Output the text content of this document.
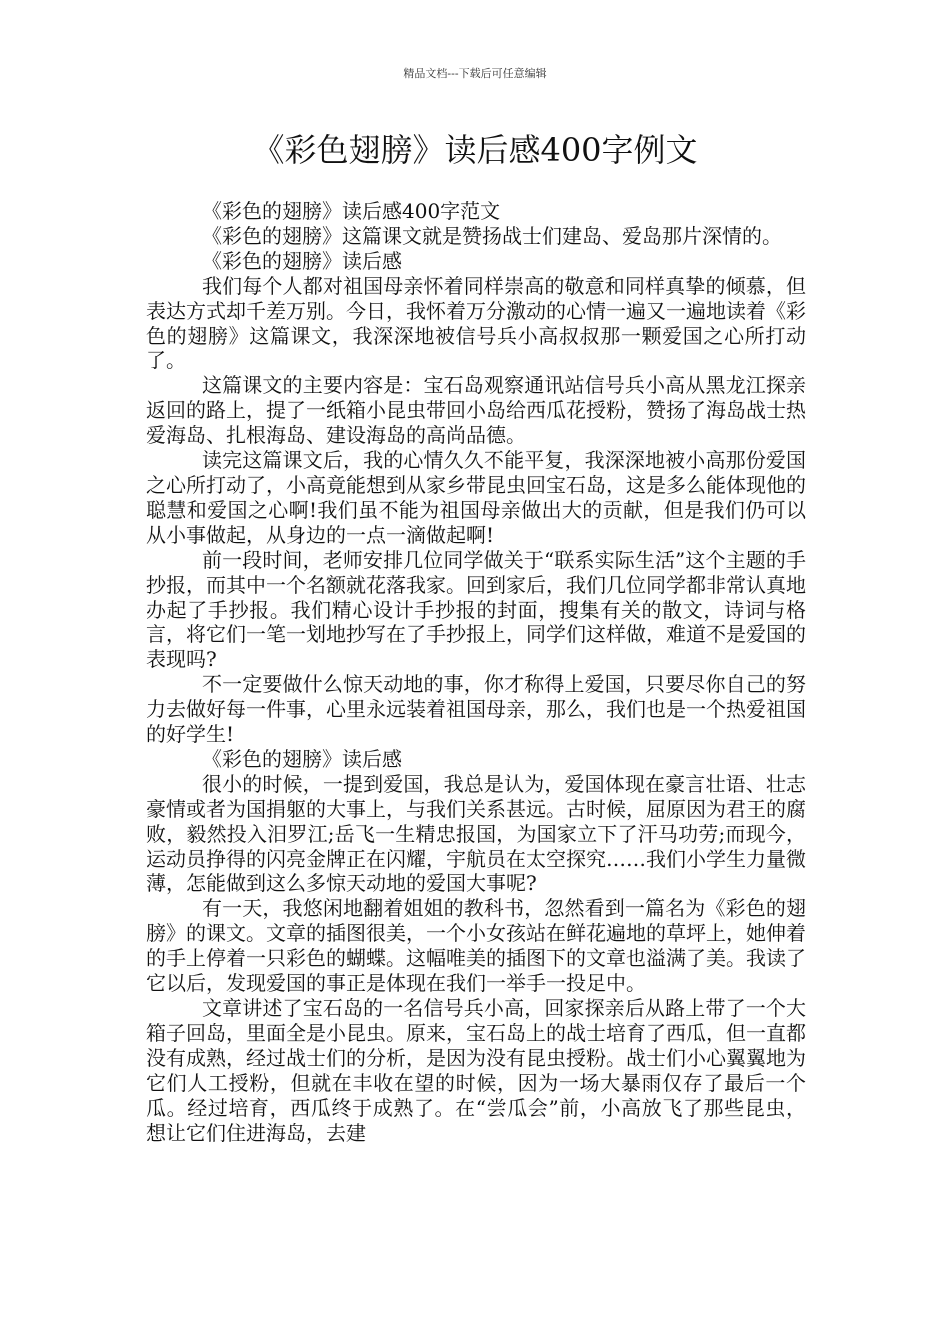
精品文档---下载后可任意编辑
《彩色翅膀》读后感400字例文

《彩色的翅膀》读后感400字范文

《彩色的翅膀》这篇课文就是赞扬战士们建岛、爱岛那片深情的。

《彩色的翅膀》读后感

我们每个人都对祖国母亲怀着同样崇高的敬意和同样真挚的倾慕，但表达方式却千差万别。今日，我怀着万分激动的心情一遍又一遍地读着《彩色的翅膀》这篇课文，我深深地被信号兵小高叔叔那一颗爱国之心所打动了。

这篇课文的主要内容是：宝石岛观察通讯站信号兵小高从黑龙江探亲返回的路上，提了一纸箱小昆虫带回小岛给西瓜花授粉，赞扬了海岛战士热爱海岛、扎根海岛、建设海岛的高尚品德。

读完这篇课文后，我的心情久久不能平复，我深深地被小高那份爱国之心所打动了，小高竟能想到从家乡带昆虫回宝石岛，这是多么能体现他的聪慧和爱国之心啊!我们虽不能为祖国母亲做出大的贡献，但是我们仍可以从小事做起，从身边的一点一滴做起啊!

前一段时间，老师安排几位同学做关于“联系实际生活”这个主题的手抄报，而其中一个名额就花落我家。回到家后，我们几位同学都非常认真地办起了手抄报。我们精心设计手抄报的封面，搜集有关的散文，诗词与格言，将它们一笔一划地抄写在了手抄报上，同学们这样做，难道不是爱国的表现吗?

不一定要做什么惊天动地的事，你才称得上爱国，只要尽你自己的努力去做好每一件事，心里永远装着祖国母亲，那么，我们也是一个热爱祖国的好学生!

《彩色的翅膀》读后感

很小的时候，一提到爱国，我总是认为，爱国体现在豪言壮语、壮志豪情或者为国捐躯的大事上，与我们关系甚远。古时候，屈原因为君王的腐败，毅然投入汨罗江;岳飞一生精忠报国，为国家立下了汗马功劳;而现今，运动员挣得的闪亮金牌正在闪耀，宇航员在太空探究……我们小学生力量微薄，怎能做到这么多惊天动地的爱国大事呢?

有一天，我悠闲地翻着姐姐的教科书，忽然看到一篇名为《彩色的翅膀》的课文。文章的插图很美，一个小女孩站在鲜花遍地的草坪上，她伸着的手上停着一只彩色的蝴蝶。这幅唯美的插图下的文章也溢满了美。我读了它以后，发现爱国的事正是体现在我们一举手一投足中。

文章讲述了宝石岛的一名信号兵小高，回家探亲后从路上带了一个大箱子回岛，里面全是小昆虫。原来，宝石岛上的战士培育了西瓜，但一直都没有成熟，经过战士们的分析，是因为没有昆虫授粉。战士们小心翼翼地为它们人工授粉，但就在丰收在望的时候，因为一场大暴雨仅存了最后一个瓜。经过培育，西瓜终于成熟了。在“尝瓜会”前，小高放飞了那些昆虫，想让它们住进海岛，去建
